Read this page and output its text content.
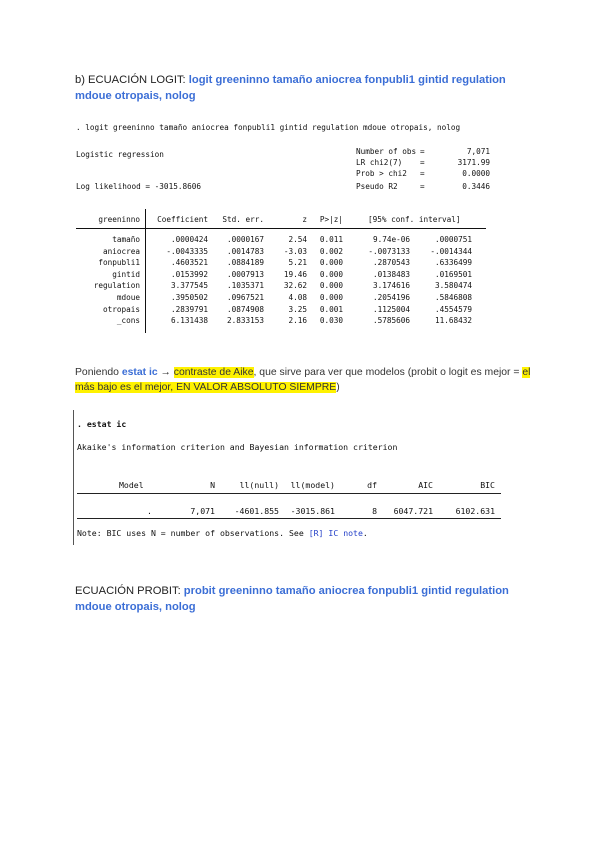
b) ECUACIÓN LOGIT: logit greeninno tamaño aniocrea fonpubli1 gintid regulation mdoue otropais, nolog
. logit greeninno tamaño aniocrea fonpubli1 gintid regulation mdoue otropais, nolog
Logistic regression
Log likelihood = -3015.8606
Number of obs =	7,071
LR chi2(7) =	3171.99
Prob > chi2 =	0.0000
Pseudo R2	=	0.3446
greeninno	Coefficient	Std. err.	z	P>|z|	[95% conf. interval]
tamaño	.0000424	.0000167	2.54	0.011	9.74e-06	.0000751
aniocrea	-.0043335	.0014783	-3.03	0.002	-.0073133	-.0014344
fonpubli1	.4603521	.0884189	5.21	0.000	.2870543	.6336499
gintid	.0153992	.0007913	19.46	0.000	.0138483	.0169501
regulation	3.377545	.1035371	32.62	0.000	3.174616	3.580474
mdoue	.3950502	.0967521	4.08	0.000	.2054196	.5846808
otropais	.2839791	.0874908	3.25	0.001	.1125004	.4554579
_cons	6.131438	2.833153	2.16	0.030	.5785606	11.68432
Poniendo estat ic → contraste de Aike, que sirve para ver que modelos (probit o logit es mejor = el más bajo es el mejor, EN VALOR ABSOLUTO SIEMPRE)
. estat ic
Akaike's information criterion and Bayesian information criterion
Model	N	ll(null)	ll(model)	df	AIC	BIC
.	7,071	-4601.855	-3015.861	8	6047.721	6102.631
Note: BIC uses N = number of observations. See [R] IC note.
ECUACIÓN PROBIT: probit greeninno tamaño aniocrea fonpubli1 gintid regulation mdoue otropais, nolog
